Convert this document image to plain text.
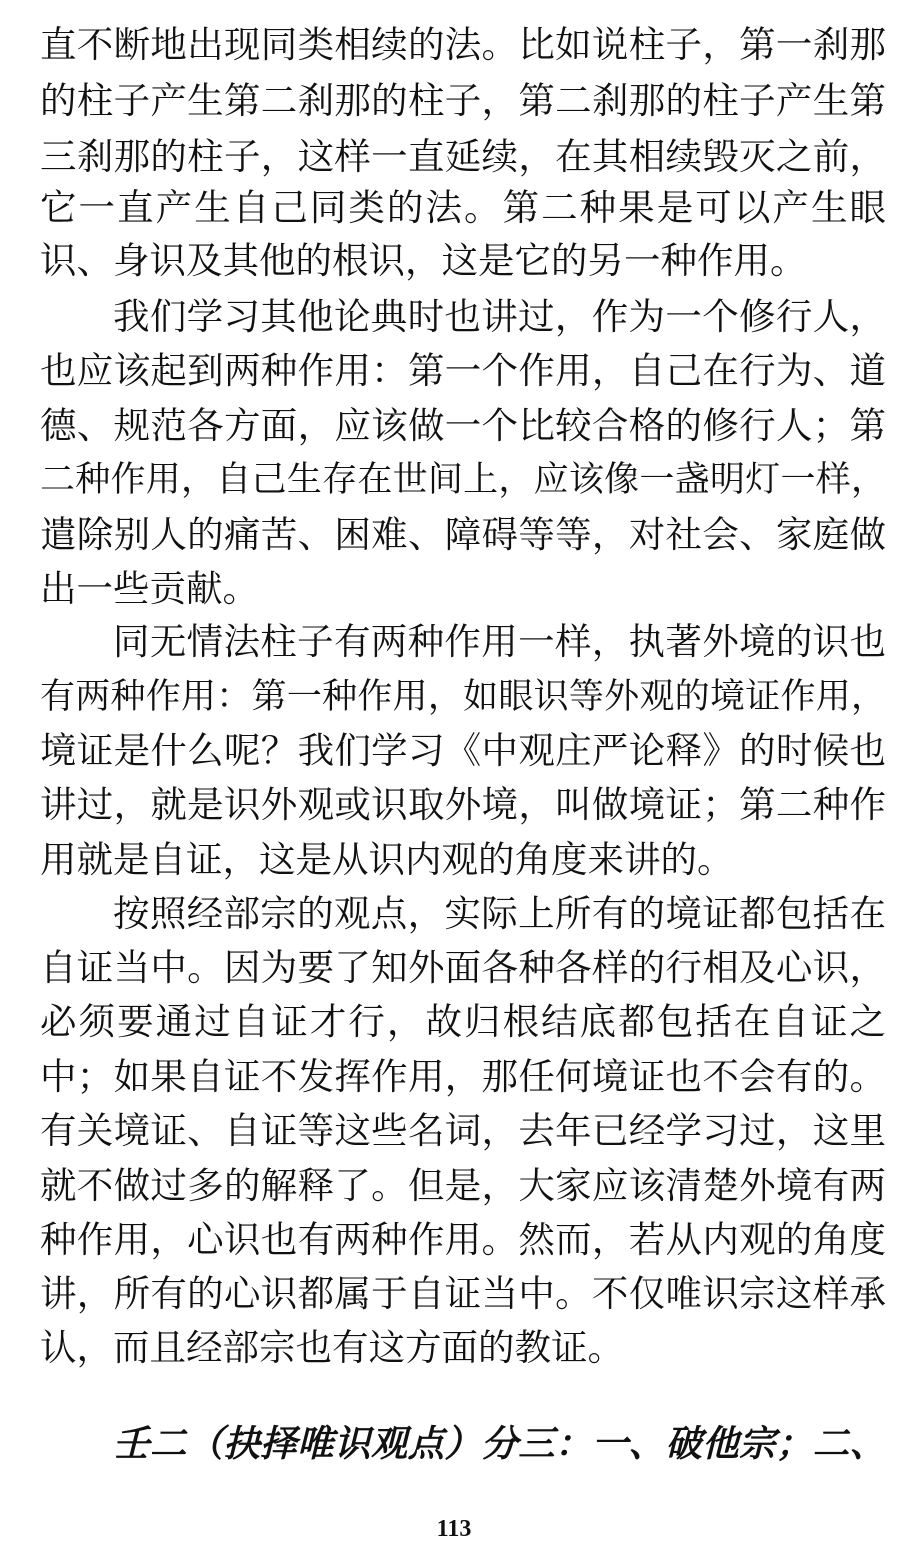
直不断地出现同类相续的法。比如说柱子，第一刹那
的柱子产生第二刹那的柱子，第二刹那的柱子产生第
三刹那的柱子，这样一直延续，在其相续毁灭之前，
它一直产生自己同类的法。第二种果是可以产生眼
识、身识及其他的根识，这是它的另一种作用。
我们学习其他论典时也讲过，作为一个修行人，
也应该起到两种作用：第一个作用，自己在行为、道
德、规范各方面，应该做一个比较合格的修行人；第
二种作用，自己生存在世间上，应该像一盏明灯一样，
遣除别人的痛苦、困难、障碍等等，对社会、家庭做
出一些贡献。
同无情法柱子有两种作用一样，执著外境的识也
有两种作用：第一种作用，如眼识等外观的境证作用，
境证是什么呢？我们学习《中观庄严论释》的时候也
讲过，就是识外观或识取外境，叫做境证；第二种作
用就是自证，这是从识内观的角度来讲的。
按照经部宗的观点，实际上所有的境证都包括在
自证当中。因为要了知外面各种各样的行相及心识，
必须要通过自证才行，故归根结底都包括在自证之
中；如果自证不发挥作用，那任何境证也不会有的。
有关境证、自证等这些名词，去年已经学习过，这里
就不做过多的解释了。但是，大家应该清楚外境有两
种作用，心识也有两种作用。然而，若从内观的角度
讲，所有的心识都属于自证当中。不仅唯识宗这样承
认，而且经部宗也有这方面的教证。
壬二（抉择唯识观点）分三：一、破他宗；二、
113
